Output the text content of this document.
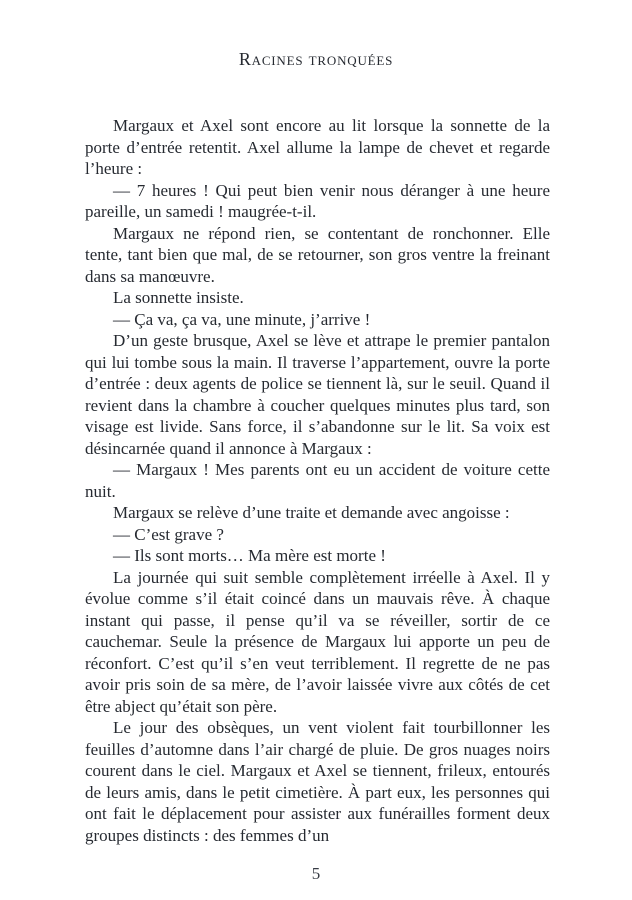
Racines tronquées

Margaux et Axel sont encore au lit lorsque la sonnette de la porte d’entrée retentit. Axel allume la lampe de chevet et regarde l’heure :

— 7 heures ! Qui peut bien venir nous déranger à une heure pareille, un samedi ! maugrée-t-il.

Margaux ne répond rien, se contentant de ronchonner. Elle tente, tant bien que mal, de se retourner, son gros ventre la freinant dans sa manœuvre.

La sonnette insiste.

— Ça va, ça va, une minute, j’arrive !

D’un geste brusque, Axel se lève et attrape le premier pantalon qui lui tombe sous la main. Il traverse l’appartement, ouvre la porte d’entrée : deux agents de police se tiennent là, sur le seuil. Quand il revient dans la chambre à coucher quelques minutes plus tard, son visage est livide. Sans force, il s’abandonne sur le lit. Sa voix est désincarnée quand il annonce à Margaux :

— Margaux ! Mes parents ont eu un accident de voiture cette nuit.

Margaux se relève d’une traite et demande avec angoisse :

— C’est grave ?

— Ils sont morts… Ma mère est morte !

La journée qui suit semble complètement irréelle à Axel. Il y évolue comme s’il était coincé dans un mauvais rêve. À chaque instant qui passe, il pense qu’il va se réveiller, sortir de ce cauchemar. Seule la présence de Margaux lui apporte un peu de réconfort. C’est qu’il s’en veut terriblement. Il regrette de ne pas avoir pris soin de sa mère, de l’avoir laissée vivre aux côtés de cet être abject qu’était son père.

Le jour des obsèques, un vent violent fait tourbillonner les feuilles d’automne dans l’air chargé de pluie. De gros nuages noirs courent dans le ciel. Margaux et Axel se tiennent, frileux, entourés de leurs amis, dans le petit cimetière. À part eux, les personnes qui ont fait le déplacement pour assister aux funérailles forment deux groupes distincts : des femmes d’un

5
